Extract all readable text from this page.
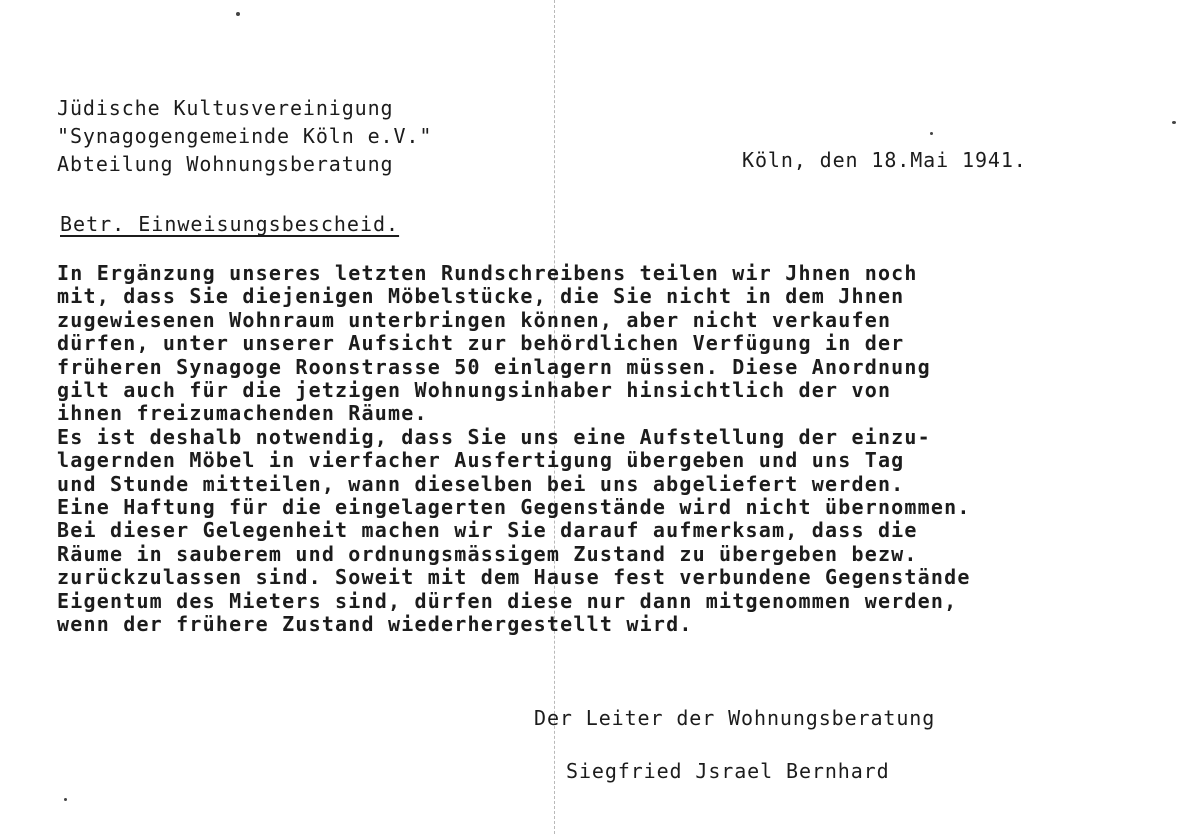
Jüdische Kultusvereinigung
"Synagogengemeinde Köln e.V."
Abteilung Wohnungsberatung	Köln, den 18.Mai 1941.
Betr. Einweisungsbescheid.
In Ergänzung unseres letzten Rundschreibens teilen wir Jhnen noch
mit, dass Sie diejenigen Möbelstücke, die Sie nicht in dem Jhnen
zugewiesenen Wohnraum unterbringen können, aber nicht verkaufen
dürfen, unter unserer Aufsicht zur behördlichen Verfügung in der
früheren Synagoge Roonstrasse 50 einlagern müssen. Diese Anordnung
gilt auch für die jetzigen Wohnungsinhaber hinsichtlich der von
ihnen freizumachenden Räume.
Es ist deshalb notwendig, dass Sie uns eine Aufstellung der einzu-
lagernden Möbel in vierfacher Ausfertigung übergeben und uns Tag
und Stunde mitteilen, wann dieselben bei uns abgeliefert werden.
Eine Haftung für die eingelagerten Gegenstände wird nicht übernommen.
Bei dieser Gelegenheit machen wir Sie darauf aufmerksam, dass die
Räume in sauberem und ordnungsmässigem Zustand zu übergeben bezw.
zurückzulassen sind. Soweit mit dem Hause fest verbundene Gegenstände
Eigentum des Mieters sind, dürfen diese nur dann mitgenommen werden,
wenn der frühere Zustand wiederhergestellt wird.
Der Leiter der Wohnungsberatung
Siegfried Jsrael Bernhard
